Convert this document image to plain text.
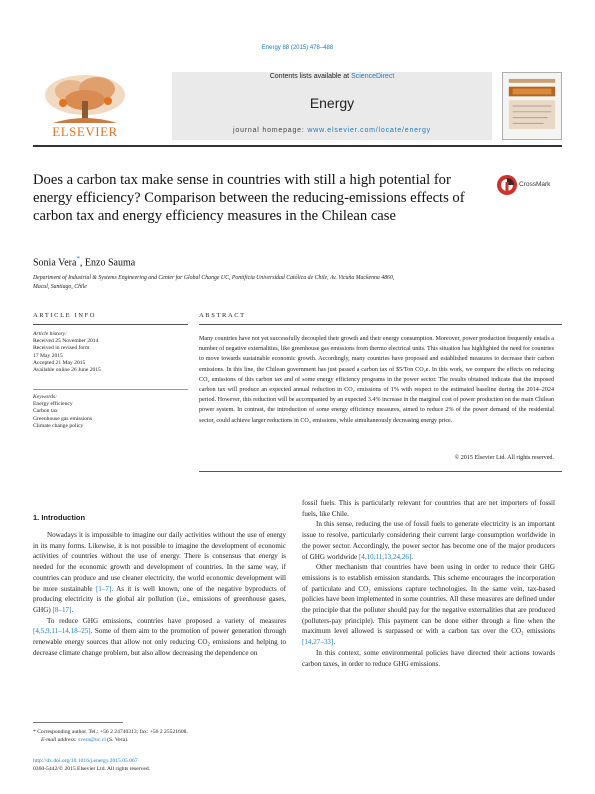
Energy 88 (2015) 478–488
Contents lists available at ScienceDirect
Energy
journal homepage: www.elsevier.com/locate/energy
ELSEVIER
Does a carbon tax make sense in countries with still a high potential for energy efficiency? Comparison between the reducing-emissions effects of carbon tax and energy efficiency measures in the Chilean case
CrossMark
Sonia Vera*, Enzo Sauma
Department of Industrial & Systems Engineering and Center for Global Change UC, Pontificia Universidad Católica de Chile, Av. Vicuña Mackenna 4860,
Macul, Santiago, Chile
ARTICLE INFO	ABSTRACT
Article history:
Received 25 November 2014
Received in revised form
17 May 2015
Accepted 21 May 2015
Available online 26 June 2015
Keywords:
Energy efficiency
Carbon tax
Greenhouse gas emissions
Climate change policy
Many countries have not yet successfully decoupled their growth and their energy consumption. Moreover, power production frequently entails a number of negative externalities, like greenhouse gas emissions from thermo electrical units. This situation has highlighted the need for countries to move towards sustainable economic growth. Accordingly, many countries have proposed and established measures to decrease their carbon emissions. In this line, the Chilean government has just passed a carbon tax of $5/Ton CO₂e. In this work, we compare the effects on reducing CO₂ emissions of this carbon tax and of some energy efficiency programs in the power sector. The results obtained indicate that the imposed carbon tax will produce an expected annual reduction in CO₂ emissions of 1% with respect to the estimated baseline during the 2014–2024 period. However, this reduction will be accompanied by an expected 3.4% increase in the marginal cost of power production on the main Chilean power system. In contrast, the introduction of some energy efficiency measures, aimed to reduce 2% of the power demand of the residential sector, could achieve larger reductions in CO₂ emissions, while simultaneously decreasing energy price.
© 2015 Elsevier Ltd. All rights reserved.
1. Introduction

Nowadays it is impossible to imagine our daily activities without the use of energy in its many forms. Likewise, it is not possible to imagine the development of economic activities of countries without the use of energy. There is consensus that energy is needed for the economic growth and development of countries. In the same way, if countries can produce and use cleaner electricity, the world economic development will be more sustainable [1–7]. As it is well known, one of the negative byproducts of producing electricity is the global air pollution (i.e., emissions of greenhouse gases, GHG) [8–17].

To reduce GHG emissions, countries have proposed a variety of measures [4,5,9,11–14,18–25]. Some of them aim to the promotion of power generation through renewable energy sources that allow not only reducing CO₂ emissions and helping to decrease climate change problem, but also allow decreasing the dependence on

fossil fuels. This is particularly relevant for countries that are net importers of fossil fuels, like Chile.

In this sense, reducing the use of fossil fuels to generate electricity is an important issue to resolve, particularly considering their current large consumption worldwide in the power sector. Accordingly, the power sector has become one of the major producers of GHG worldwide [4,10,11,13,24,26].

Other mechanism that countries have been using in order to reduce their GHG emissions is to establish emission standards. This scheme encourages the incorporation of particulate and CO₂ emissions capture technologies. In the same vein, tax-based policies have been implemented in some countries. All these measures are defined under the principle that the polluter should pay for the negative externalities that are produced (polluters-pay principle). This payment can be done either through a fine when the maximum level allowed is surpassed or with a carbon tax over the CO₂ emissions [14,27–33].

In this context, some environmental policies have directed their actions towards carbon taxes, in order to reduce GHG emissions.

* Corresponding author. Tel.: +56 2 24740313; fax: +56 2 25521608.
E-mail address: svera@uc.cl (S. Vera).
http://dx.doi.org/10.1016/j.energy.2015.05.067
0360-5442/© 2015 Elsevier Ltd. All rights reserved.
